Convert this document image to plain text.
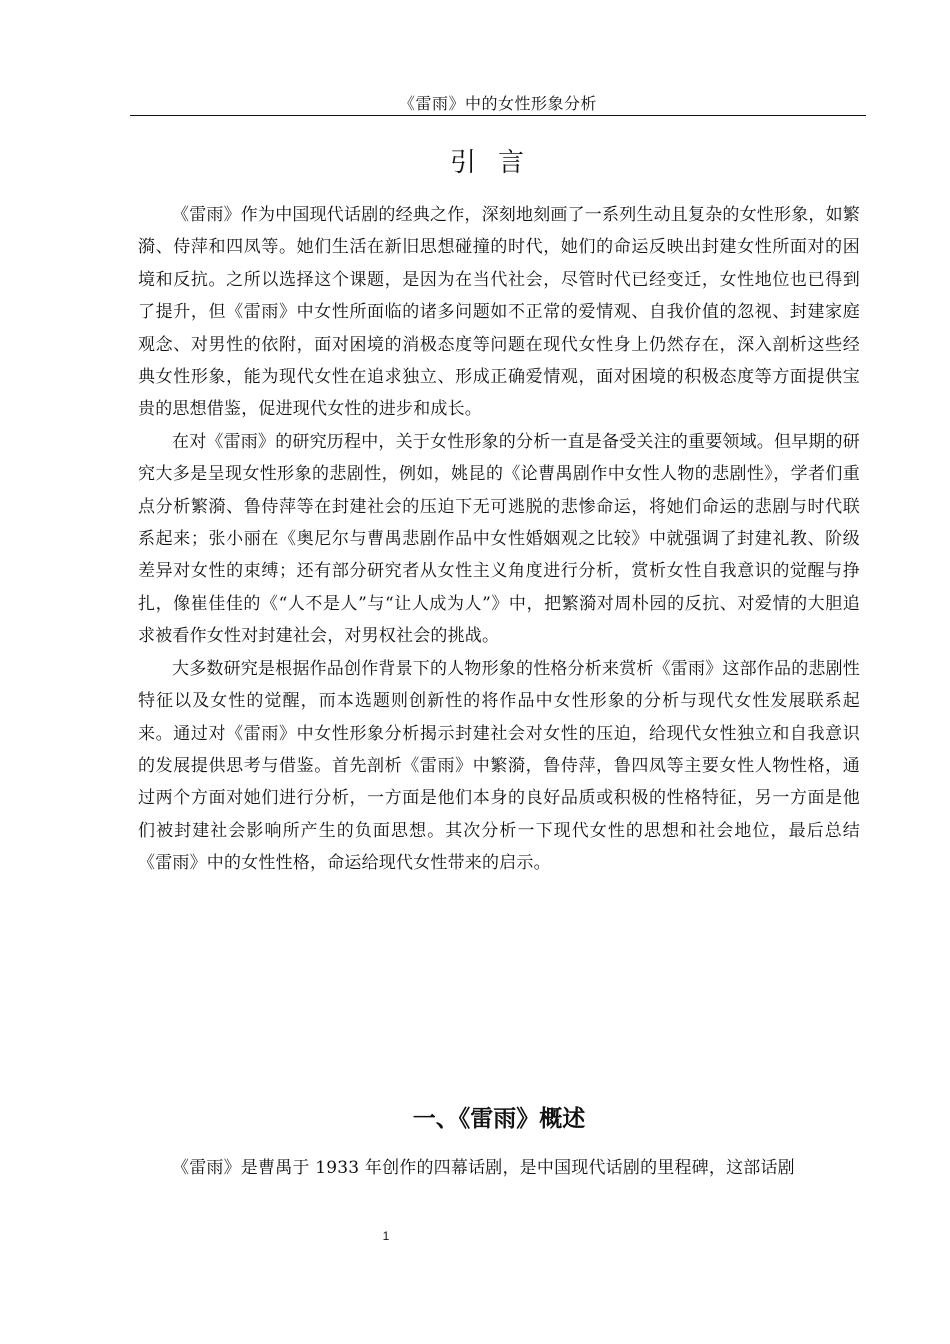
《雷雨》中的女性形象分析
引言

《雷雨》作为中国现代话剧的经典之作，深刻地刻画了一系列生动且复杂的女性形象，如繁漪、侍萍和四凤等。她们生活在新旧思想碰撞的时代，她们的命运反映出封建女性所面对的困境和反抗。之所以选择这个课题，是因为在当代社会，尽管时代已经变迁，女性地位也已得到了提升，但《雷雨》中女性所面临的诸多问题如不正常的爱情观、自我价值的忽视、封建家庭观念、对男性的依附，面对困境的消极态度等问题在现代女性身上仍然存在，深入剖析这些经典女性形象，能为现代女性在追求独立、形成正确爱情观，面对困境的积极态度等方面提供宝贵的思想借鉴，促进现代女性的进步和成长。

在对《雷雨》的研究历程中，关于女性形象的分析一直是备受关注的重要领域。但早期的研究大多是呈现女性形象的悲剧性，例如，姚昆的《论曹禺剧作中女性人物的悲剧性》，学者们重点分析繁漪、鲁侍萍等在封建社会的压迫下无可逃脱的悲惨命运，将她们命运的悲剧与时代联系起来；张小丽在《奥尼尔与曹禺悲剧作品中女性婚姻观之比较》中就强调了封建礼教、阶级差异对女性的束缚；还有部分研究者从女性主义角度进行分析，赏析女性自我意识的觉醒与挣扎，像崔佳佳的《“人不是人”与“让人成为人”》中，把繁漪对周朴园的反抗、对爱情的大胆追求被看作女性对封建社会，对男权社会的挑战。

大多数研究是根据作品创作背景下的人物形象的性格分析来赏析《雷雨》这部作品的悲剧性特征以及女性的觉醒，而本选题则创新性的将作品中女性形象的分析与现代女性发展联系起来。通过对《雷雨》中女性形象分析揭示封建社会对女性的压迫，给现代女性独立和自我意识的发展提供思考与借鉴。首先剖析《雷雨》中繁漪，鲁侍萍，鲁四凤等主要女性人物性格，通过两个方面对她们进行分析，一方面是他们本身的良好品质或积极的性格特征，另一方面是他们被封建社会影响所产生的负面思想。其次分析一下现代女性的思想和社会地位，最后总结《雷雨》中的女性性格，命运给现代女性带来的启示。

一、《雷雨》概述

《雷雨》是曹禺于 1933 年创作的四幕话剧，是中国现代话剧的里程碑，这部话剧

1
